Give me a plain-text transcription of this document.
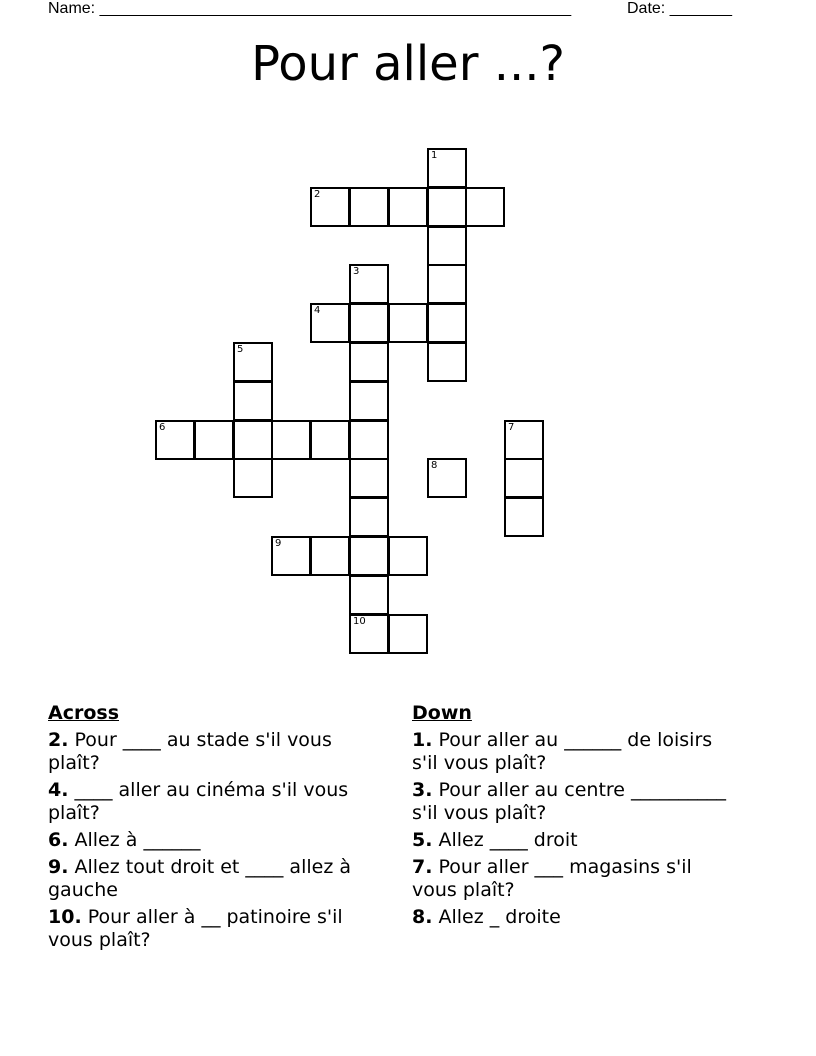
Name: _____________________________________________________	Date: _______
Pour aller ...?
1
2
3
4
5
6	7
8
9
10
Across
2. Pour ____ au stade s'il vous plaît?
4. ____ aller au cinéma s'il vous plaît?
6. Allez à ______
9. Allez tout droit et ____ allez à gauche
10. Pour aller à __ patinoire s'il vous plaît?
Down
1. Pour aller au ______ de loisirs s'il vous plaît?
3. Pour aller au centre __________ s'il vous plaît?
5. Allez ____ droit
7. Pour aller ___ magasins s'il vous plaît?
8. Allez _ droite
